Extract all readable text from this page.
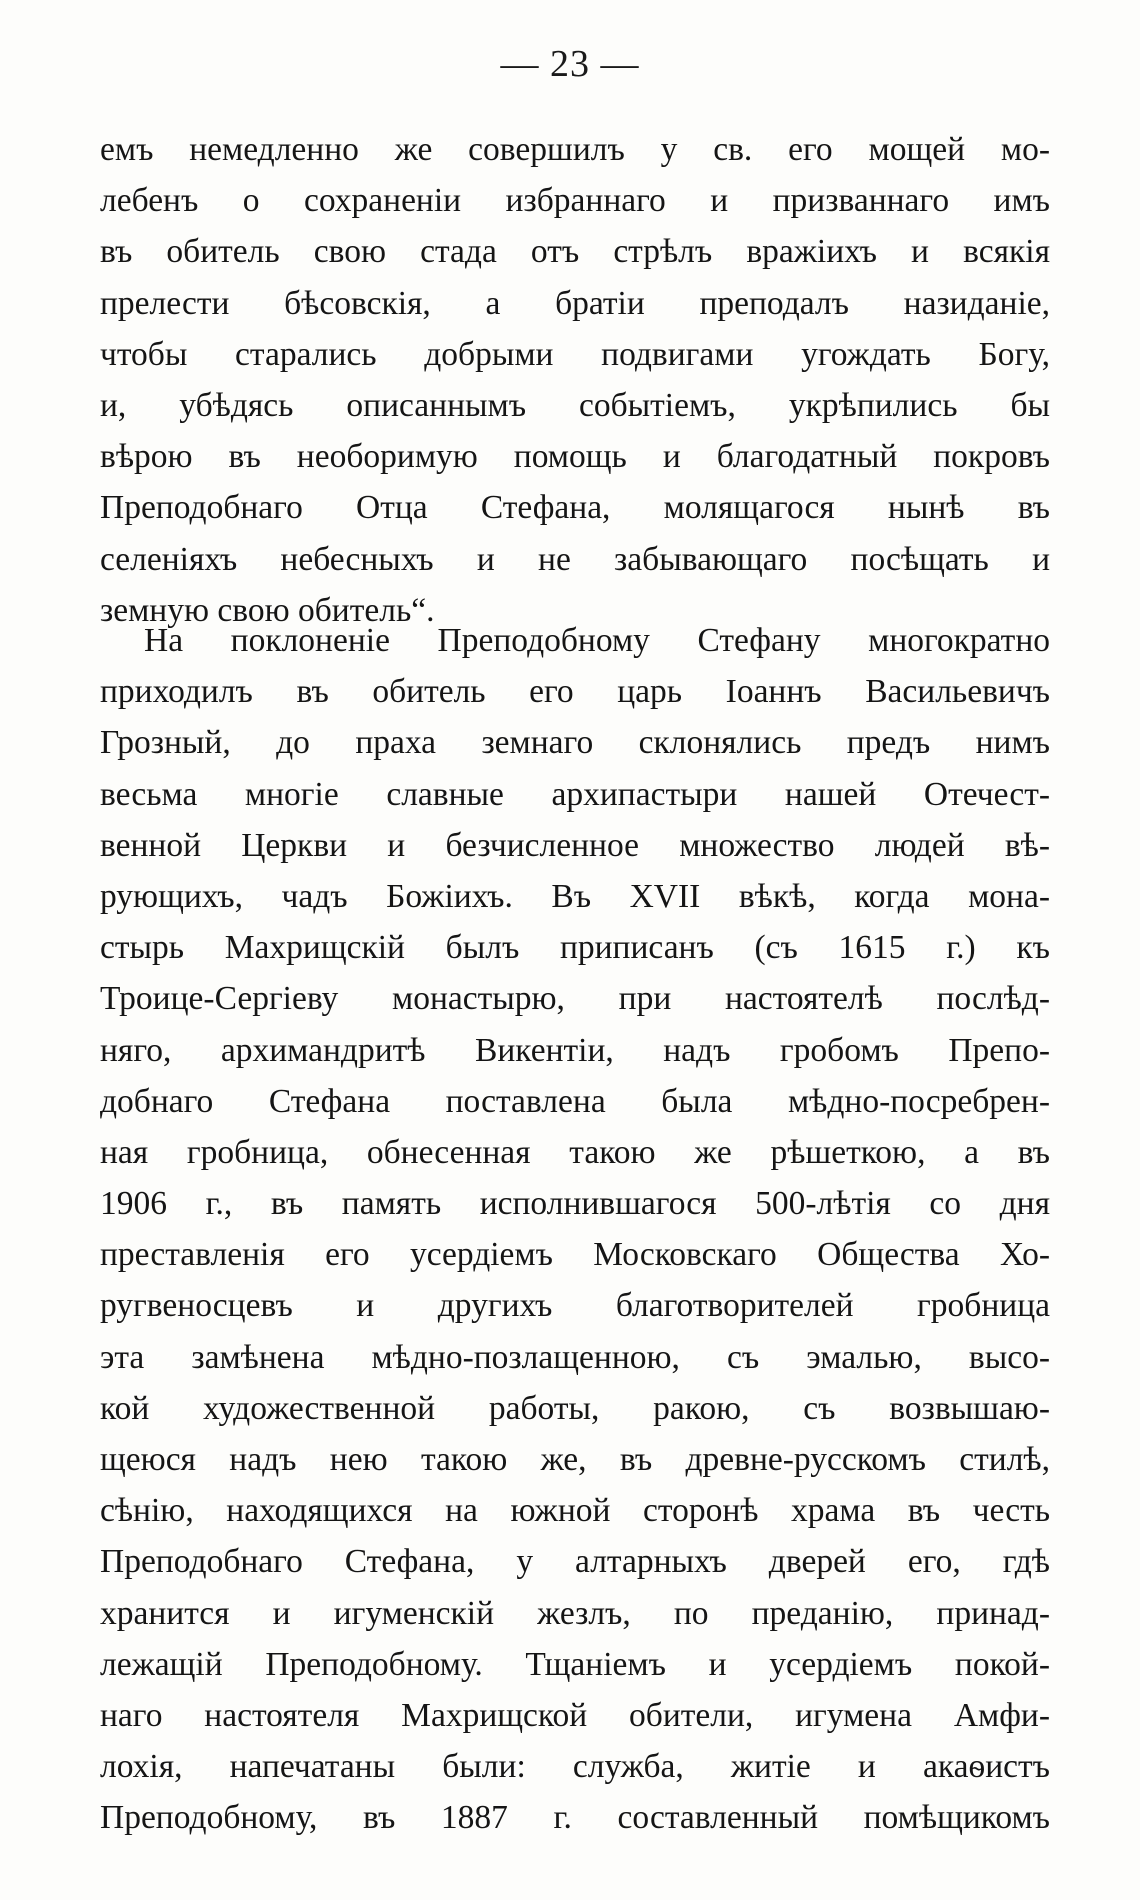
— 23 —
емъ немедленно же совершилъ у св. его мощей мо-
лебенъ о сохраненіи избраннаго и призваннаго имъ
въ обитель свою стада отъ стрѣлъ вражіихъ и всякія
прелести бѣсовскія, а братіи преподалъ назиданіе,
чтобы старались добрыми подвигами угождать Богу,
и, убѣдясь описаннымъ событіемъ, укрѣпились бы
вѣрою въ необоримую помощь и благодатный покровъ
Преподобнаго Отца Стефана, молящагося нынѣ въ
селеніяхъ небесныхъ и не забывающаго посѣщать и
земную свою обитель“.
На поклоненіе Преподобному Стефану многократно
приходилъ въ обитель его царь Іоаннъ Васильевичъ
Грозный, до праха земнаго склонялись предъ нимъ
весьма многіе славные архипастыри нашей Отечест-
венной Церкви и безчисленное множество людей вѣ-
рующихъ, чадъ Божіихъ. Въ XVII вѣкѣ, когда мона-
стырь Махрищскій былъ приписанъ (съ 1615 г.) къ
Троице-Сергіеву монастырю, при настоятелѣ послѣд-
няго, архимандритѣ Викентіи, надъ гробомъ Препо-
добнаго Стефана поставлена была мѣдно-посребрен-
ная гробница, обнесенная такою же рѣшеткою, а въ
1906 г., въ память исполнившагося 500-лѣтія со дня
преставленія его усердіемъ Московскаго Общества Хо-
ругвеносцевъ и другихъ благотворителей гробница
эта замѣнена мѣдно-позлащенною, съ эмалью, высо-
кой художественной работы, ракою, съ возвышаю-
щеюся надъ нею такою же, въ древне-русскомъ стилѣ,
сѣнію, находящихся на южной сторонѣ храма въ честь
Преподобнаго Стефана, у алтарныхъ дверей его, гдѣ
хранится и игуменскій жезлъ, по преданію, принад-
лежащій Преподобному. Тщаніемъ и усердіемъ покой-
наго настоятеля Махрищской обители, игумена Амфи-
лохія, напечатаны были: служба, житіе и акаѳистъ
Преподобному, въ 1887 г. составленный помѣщикомъ
